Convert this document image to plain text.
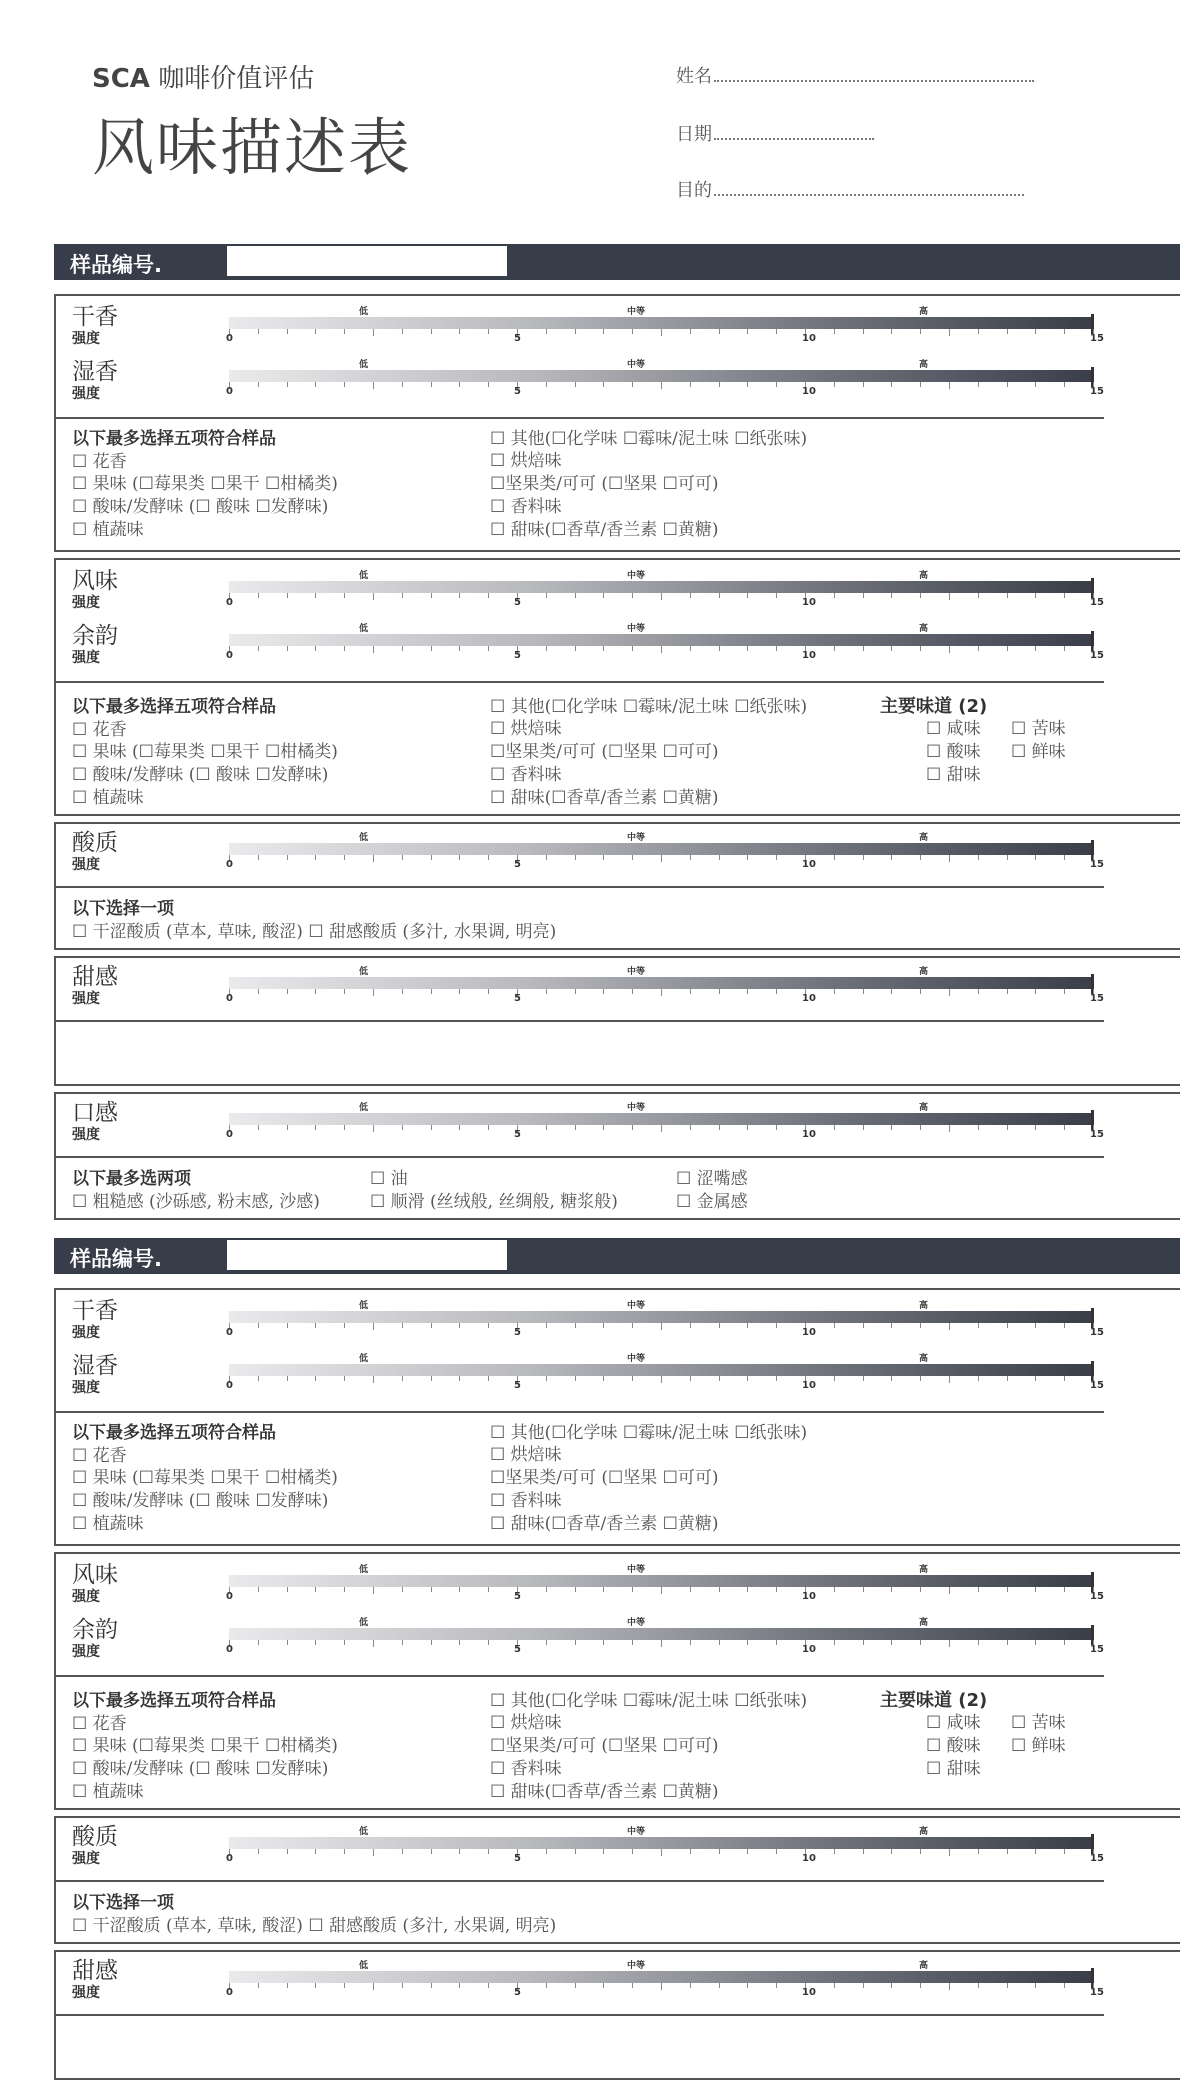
SCA 咖啡价值评估
风味描述表
姓名
日期
目的
样品编号.
干香
强度
低	中等	高
0	5	10	15
湿香
强度
低	中等	高
0	5	10	15
以下最多选择五项符合样品
☐ 花香
☐ 果味 (☐莓果类 ☐果干 ☐柑橘类)
☐ 酸味/发酵味 (☐ 酸味 ☐发酵味)
☐ 植蔬味
☐ 其他(☐化学味 ☐霉味/泥土味 ☐纸张味)
☐ 烘焙味
☐坚果类/可可 (☐坚果 ☐可可)
☐ 香料味
☐ 甜味(☐香草/香兰素 ☐黄糖)
风味
强度
低	中等	高
0	5	10	15
余韵
强度
低	中等	高
0	5	10	15
以下最多选择五项符合样品
☐ 花香
☐ 果味 (☐莓果类 ☐果干 ☐柑橘类)
☐ 酸味/发酵味 (☐ 酸味 ☐发酵味)
☐ 植蔬味
☐ 其他(☐化学味 ☐霉味/泥土味 ☐纸张味)
☐ 烘焙味
☐坚果类/可可 (☐坚果 ☐可可)
☐ 香料味
☐ 甜味(☐香草/香兰素 ☐黄糖)
主要味道 (2)
☐ 咸味 ☐ 苦味
☐ 酸味 ☐ 鲜味
☐ 甜味
酸质
强度
低	中等	高
0	5	10	15
以下选择一项
☐ 干涩酸质 (草本, 草味, 酸涩) ☐ 甜感酸质 (多汁, 水果调, 明亮)
甜感
强度
低	中等	高
0	5	10	15
口感
强度
低	中等	高
0	5	10	15
以下最多选两项
☐ 粗糙感 (沙砾感, 粉末感, 沙感)
☐ 油
☐ 顺滑 (丝绒般, 丝绸般, 糖浆般)
☐ 涩嘴感
☐ 金属感
样品编号.
干香
强度
低	中等	高
0	5	10	15
湿香
强度
低	中等	高
0	5	10	15
以下最多选择五项符合样品
☐ 花香
☐ 果味 (☐莓果类 ☐果干 ☐柑橘类)
☐ 酸味/发酵味 (☐ 酸味 ☐发酵味)
☐ 植蔬味
☐ 其他(☐化学味 ☐霉味/泥土味 ☐纸张味)
☐ 烘焙味
☐坚果类/可可 (☐坚果 ☐可可)
☐ 香料味
☐ 甜味(☐香草/香兰素 ☐黄糖)
风味
强度
低	中等	高
0	5	10	15
余韵
强度
低	中等	高
0	5	10	15
以下最多选择五项符合样品
☐ 花香
☐ 果味 (☐莓果类 ☐果干 ☐柑橘类)
☐ 酸味/发酵味 (☐ 酸味 ☐发酵味)
☐ 植蔬味
☐ 其他(☐化学味 ☐霉味/泥土味 ☐纸张味)
☐ 烘焙味
☐坚果类/可可 (☐坚果 ☐可可)
☐ 香料味
☐ 甜味(☐香草/香兰素 ☐黄糖)
主要味道 (2)
☐ 咸味 ☐ 苦味
☐ 酸味 ☐ 鲜味
☐ 甜味
酸质
强度
低	中等	高
0	5	10	15
以下选择一项
☐ 干涩酸质 (草本, 草味, 酸涩) ☐ 甜感酸质 (多汁, 水果调, 明亮)
甜感
强度
低	中等	高
0	5	10	15
